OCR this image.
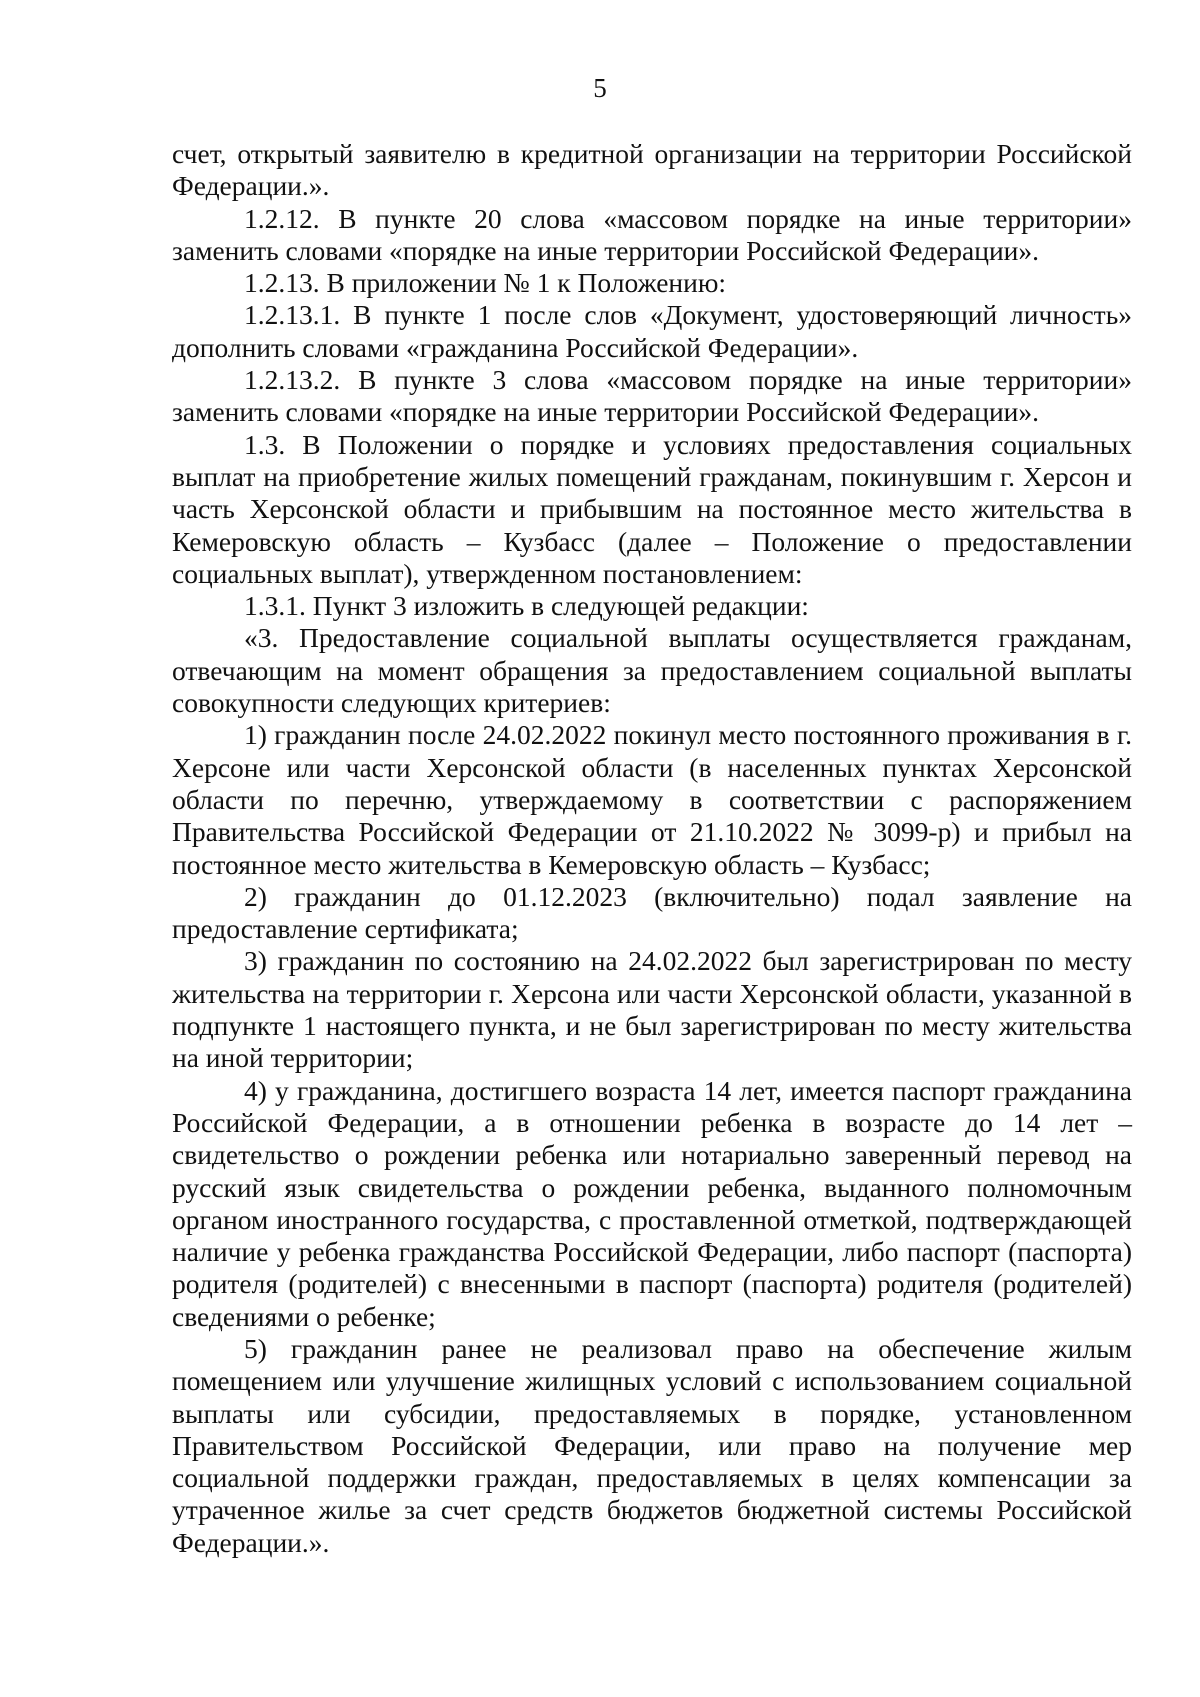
5

счет, открытый заявителю в кредитной организации на территории Российской Федерации.».

1.2.12. В пункте 20 слова «массовом порядке на иные территории» заменить словами «порядке на иные территории Российской Федерации».

1.2.13. В приложении № 1 к Положению:

1.2.13.1. В пункте 1 после слов «Документ, удостоверяющий личность» дополнить словами «гражданина Российской Федерации».

1.2.13.2. В пункте 3 слова «массовом порядке на иные территории» заменить словами «порядке на иные территории Российской Федерации».

1.3. В Положении о порядке и условиях предоставления социальных выплат на приобретение жилых помещений гражданам, покинувшим г. Херсон и часть Херсонской области и прибывшим на постоянное место жительства в Кемеровскую область – Кузбасс (далее – Положение о предоставлении социальных выплат), утвержденном постановлением:

1.3.1. Пункт 3 изложить в следующей редакции:

«3. Предоставление социальной выплаты осуществляется гражданам, отвечающим на момент обращения за предоставлением социальной выплаты совокупности следующих критериев:

1) гражданин после 24.02.2022 покинул место постоянного проживания в г. Херсоне или части Херсонской области (в населенных пунктах Херсонской области по перечню, утверждаемому в соответствии с распоряжением Правительства Российской Федерации от 21.10.2022 № 3099-р) и прибыл на постоянное место жительства в Кемеровскую область – Кузбасс;

2) гражданин до 01.12.2023 (включительно) подал заявление на предоставление сертификата;

3) гражданин по состоянию на 24.02.2022 был зарегистрирован по месту жительства на территории г. Херсона или части Херсонской области, указанной в подпункте 1 настоящего пункта, и не был зарегистрирован по месту жительства на иной территории;

4) у гражданина, достигшего возраста 14 лет, имеется паспорт гражданина Российской Федерации, а в отношении ребенка в возрасте до 14 лет – свидетельство о рождении ребенка или нотариально заверенный перевод на русский язык свидетельства о рождении ребенка, выданного полномочным органом иностранного государства, с проставленной отметкой, подтверждающей наличие у ребенка гражданства Российской Федерации, либо паспорт (паспорта) родителя (родителей) с внесенными в паспорт (паспорта) родителя (родителей) сведениями о ребенке;

5) гражданин ранее не реализовал право на обеспечение жилым помещением или улучшение жилищных условий с использованием социальной выплаты или субсидии, предоставляемых в порядке, установленном Правительством Российской Федерации, или право на получение мер социальной поддержки граждан, предоставляемых в целях компенсации за утраченное жилье за счет средств бюджетов бюджетной системы Российской Федерации.».
